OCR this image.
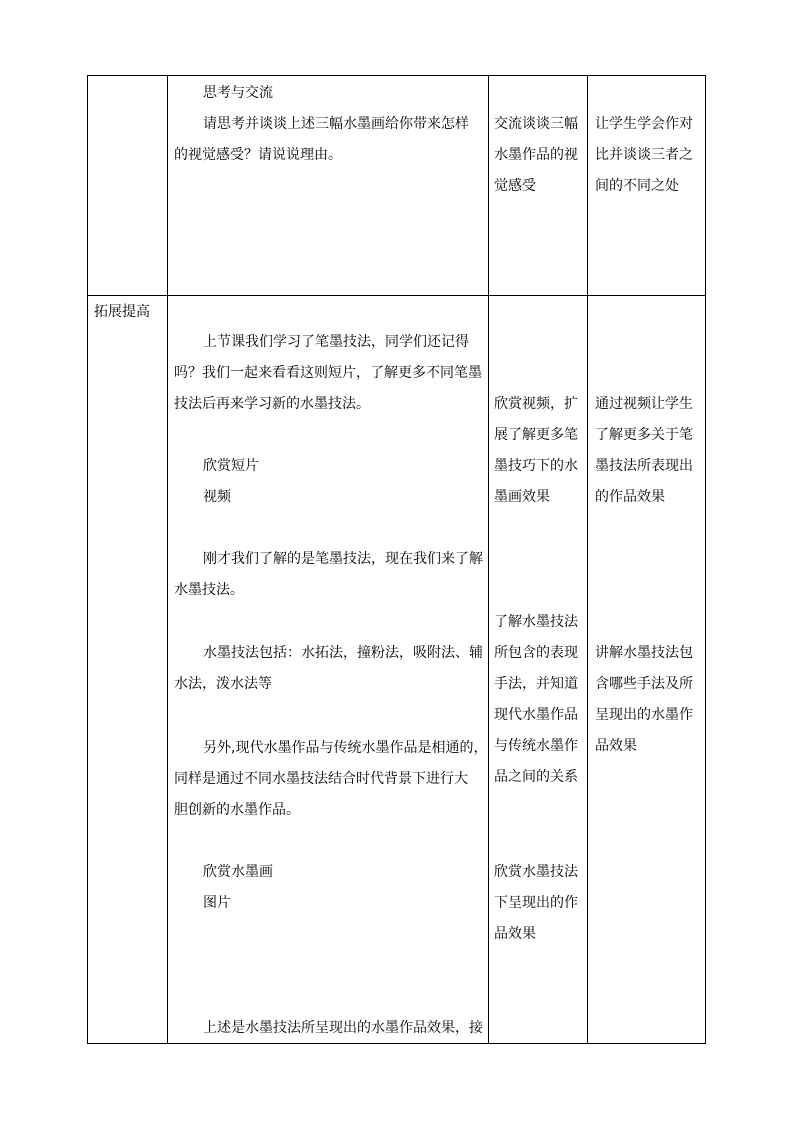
思考与交流
请思考并谈谈上述三幅水墨画给你带来怎样
的视觉感受？请说说理由。
交流谈谈三幅
水墨作品的视
觉感受
让学生学会作对
比并谈谈三者之
间的不同之处
拓展提高
上节课我们学习了笔墨技法，同学们还记得
吗？我们一起来看看这则短片，了解更多不同笔墨
技法后再来学习新的水墨技法。
欣赏短片
视频
刚才我们了解的是笔墨技法，现在我们来了解
水墨技法。
水墨技法包括：水拓法，撞粉法，吸附法、辅
水法，泼水法等
另外,现代水墨作品与传统水墨作品是相通的，
同样是通过不同水墨技法结合时代背景下进行大
胆创新的水墨作品。
欣赏水墨画
图片
上述是水墨技法所呈现出的水墨作品效果，接
欣赏视频，扩
展了解更多笔
墨技巧下的水
墨画效果
了解水墨技法
所包含的表现
手法，并知道
现代水墨作品
与传统水墨作
品之间的关系
欣赏水墨技法
下呈现出的作
品效果
通过视频让学生
了解更多关于笔
墨技法所表现出
的作品效果
讲解水墨技法包
含哪些手法及所
呈现出的水墨作
品效果
